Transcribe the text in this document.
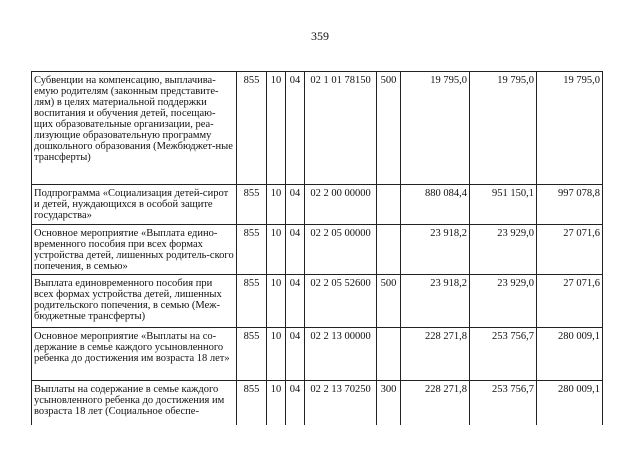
359
Субвенции на компенсацию, выплачива-емую родителям (законным представите-лям) в целях материальной поддержки воспитания и обучения детей, посещаю-щих образовательные организации, реа-лизующие образовательную программу дошкольного образования (Межбюджет-ные трансферты)	855	10	04	02 1 01 78150	500	19 795,0	19 795,0	19 795,0
Подпрограмма «Социализация детей-сирот и детей, нуждающихся в особой защите государства»	855	10	04	02 2 00 00000		880 084,4	951 150,1	997 078,8
Основное мероприятие «Выплата едино-временного пособия при всех формах устройства детей, лишенных родитель-ского попечения, в семью»	855	10	04	02 2 05 00000		23 918,2	23 929,0	27 071,6
Выплата единовременного пособия при всех формах устройства детей, лишенных родительского попечения, в семью (Меж-бюджетные трансферты)	855	10	04	02 2 05 52600	500	23 918,2	23 929,0	27 071,6
Основное мероприятие «Выплаты на со-держание в семье каждого усыновленного ребенка до достижения им возраста 18 лет»	855	10	04	02 2 13 00000		228 271,8	253 756,7	280 009,1
Выплаты на содержание в семье каждого усыновленного ребенка до достижения им возраста 18 лет (Социальное обеспе-	855	10	04	02 2 13 70250	300	228 271,8	253 756,7	280 009,1
